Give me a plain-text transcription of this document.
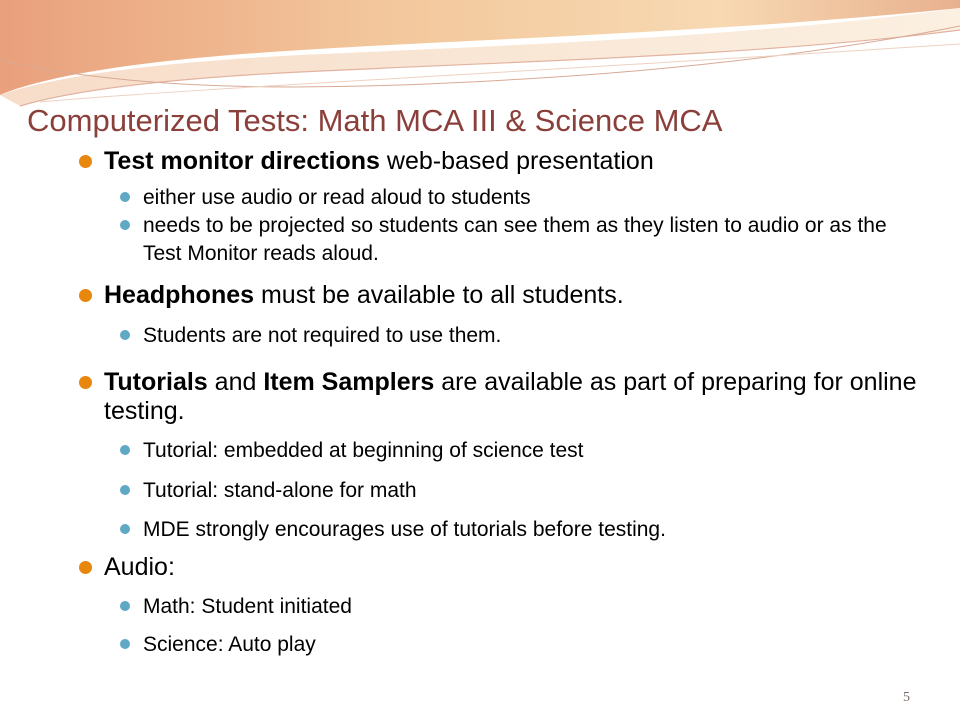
Computerized Tests: Math MCA III & Science MCA
Test monitor directions web-based presentation
either use audio or read aloud to students
needs to be projected so students can see them as they listen to audio or as the Test Monitor reads aloud.
Headphones must be available to all students.
Students are not required to use them.
Tutorials and Item Samplers are available as part of preparing for online testing.
Tutorial: embedded at beginning of science test
Tutorial: stand-alone for math
MDE strongly encourages use of tutorials before testing.
Audio:
Math: Student initiated
Science: Auto play
5
